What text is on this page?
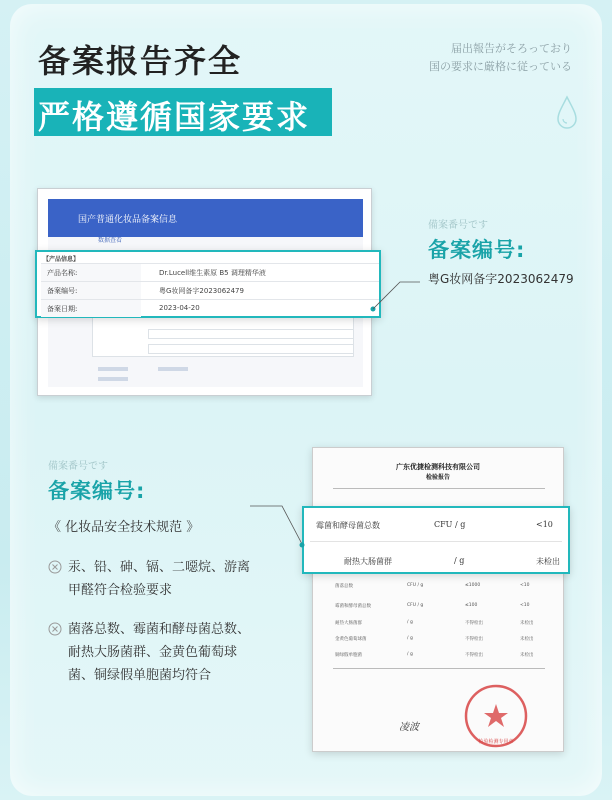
备案报告齐全
严格遵循国家要求
届出報告がそろっており
国の要求に厳格に従っている
国产普通化妆品备案信息
数据查看
【产品信息】
产品名称:	Dr.Lucell维生素原 B5 调理精华液
备案编号:	粤G妆网备字2023062479
备案日期:	2023-04-20
備案番号です
备案编号:
粤G妆网备字2023062479
備案番号です
备案编号:
《 化妆品安全技术规范 》
汞、铅、砷、镉、二噁烷、游离甲醛符合检验要求
菌落总数、霉菌和酵母菌总数、耐热大肠菌群、金黄色葡萄球菌、铜绿假单胞菌均符合
广东优捷检测科技有限公司
检验报告
菌落总数	CFU / g	≤1000	<10
霉菌和酵母菌总数	CFU / g	≤100	<10
耐热大肠菌群	/ g	不得检出	未检出
金黄色葡萄球菌	/ g	不得检出	未检出
铜绿假单胞菌	/ g	不得检出	未检出
凌波
检验检测专用章
霉菌和酵母菌总数	CFU / g	<10
耐热大肠菌群	/ g	未检出
